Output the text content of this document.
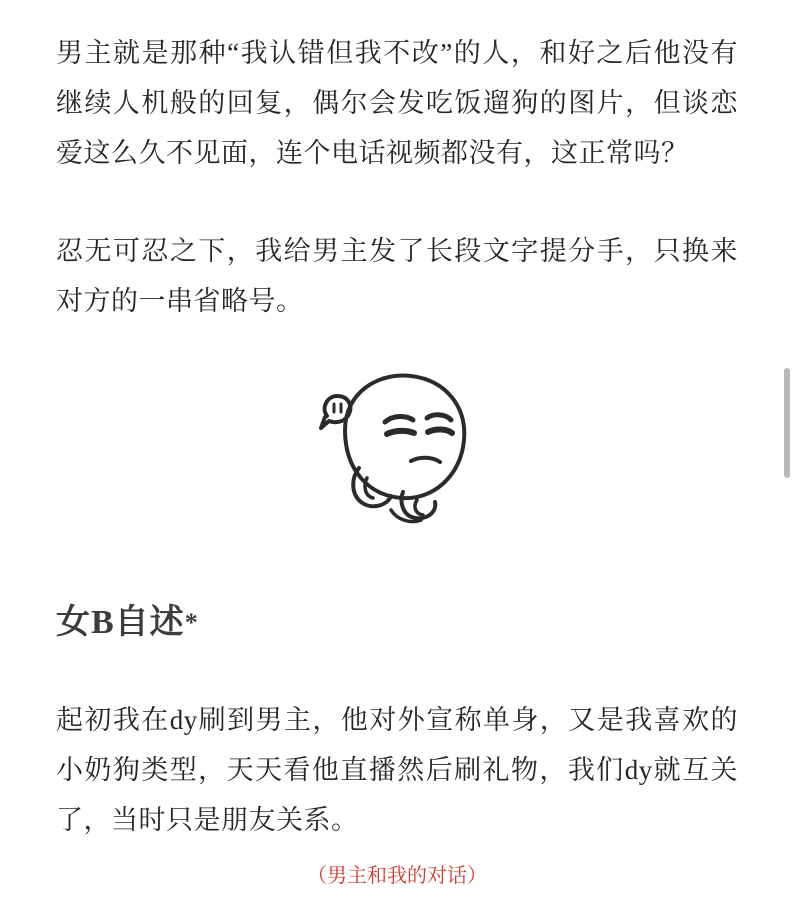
男主就是那种“我认错但我不改”的人，和好之后他没有继续人机般的回复，偶尔会发吃饭遛狗的图片，但谈恋爱这么久不见面，连个电话视频都没有，这正常吗？

忍无可忍之下，我给男主发了长段文字提分手，只换来对方的一串省略号。

女B自述*

起初我在dy刷到男主，他对外宣称单身，又是我喜欢的小奶狗类型，天天看他直播然后刷礼物，我们dy就互关了，当时只是朋友关系。

（男主和我的对话）
